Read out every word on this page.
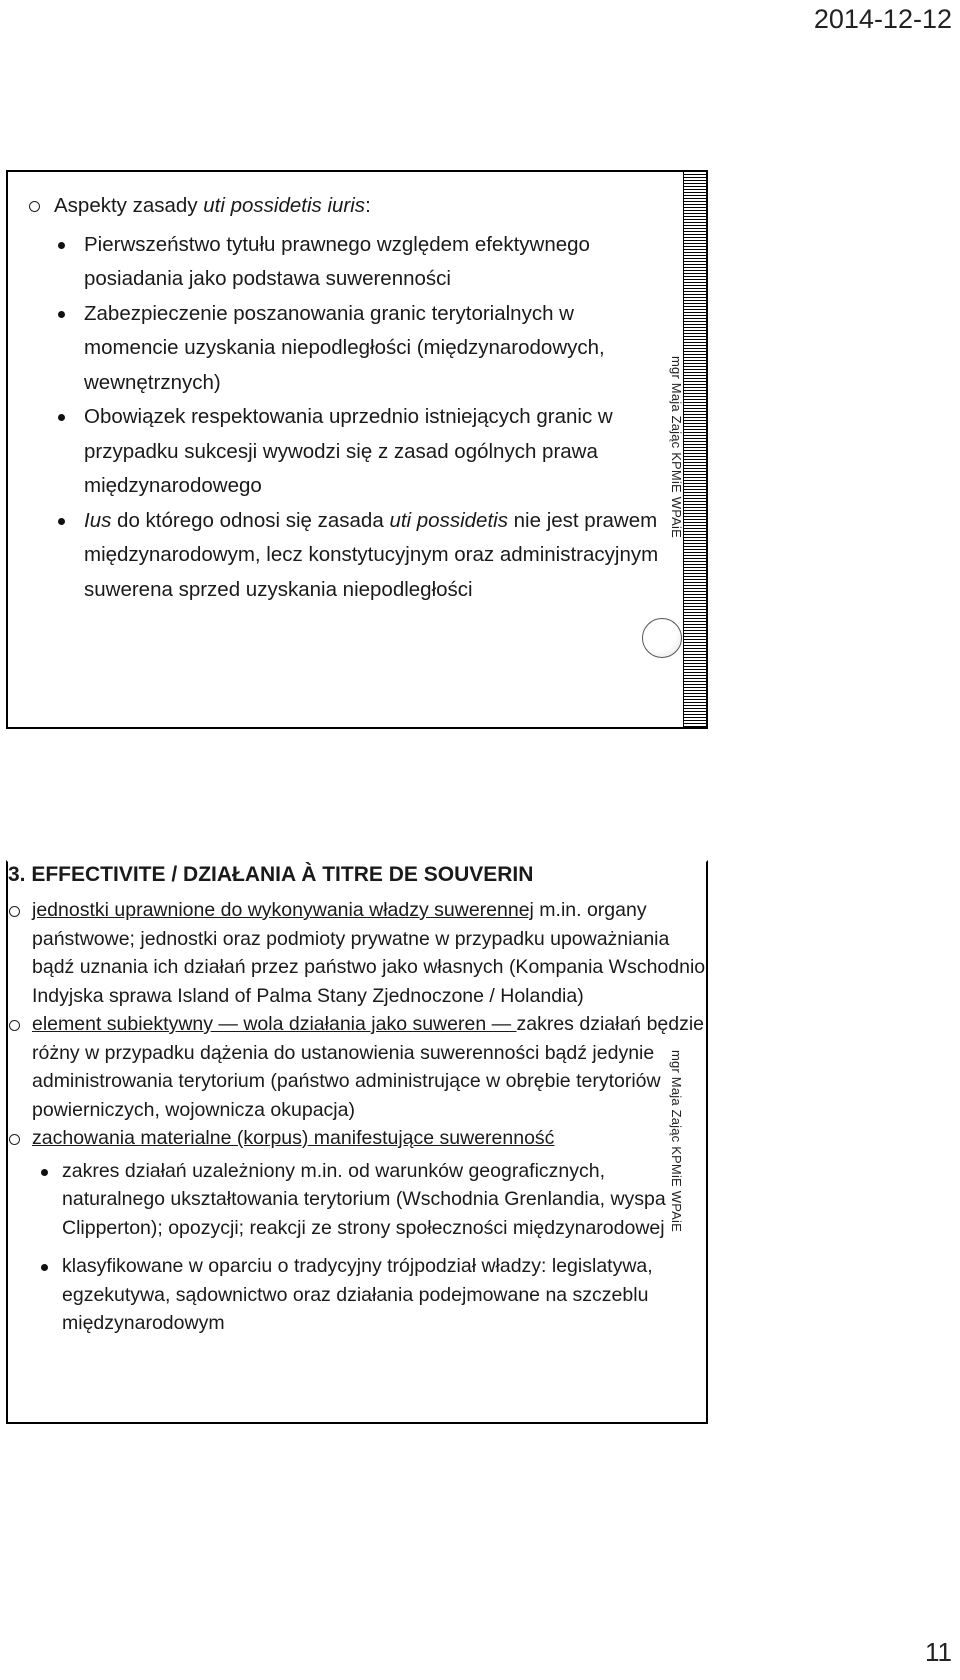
2014-12-12
mgr Maja Zając KPMiE WPAiE
Aspekty zasady uti possidetis iuris:
Pierwszeństwo tytułu prawnego względem efektywnego posiadania jako podstawa suwerenności
Zabezpieczenie poszanowania granic terytorialnych w momencie uzyskania niepodległości (międzynarodowych, wewnętrznych)
Obowiązek respektowania uprzednio istniejących granic w przypadku sukcesji wywodzi się z zasad ogólnych prawa międzynarodowego
Ius do którego odnosi się zasada uti possidetis nie jest prawem międzynarodowym, lecz konstytucyjnym oraz administracyjnym suwerena sprzed uzyskania niepodległości
mgr Maja Zając KPMiE WPAiE
3. EFFECTIVITE / DZIAŁANIA À TITRE DE SOUVERIN
jednostki uprawnione do wykonywania władzy suwerennej m.in. organy państwowe; jednostki oraz podmioty prywatne w przypadku upoważniania bądź uznania ich działań przez państwo jako własnych (Kompania Wschodnio Indyjska sprawa Island of Palma Stany Zjednoczone / Holandia)
element subiektywny — wola działania jako suweren — zakres działań będzie różny w przypadku dążenia do ustanowienia suwerenności bądź jedynie administrowania terytorium (państwo administrujące w obrębie terytoriów powierniczych, wojownicza okupacja)
zachowania materialne (korpus) manifestujące suwerenność
zakres działań uzależniony m.in. od warunków geograficznych, naturalnego ukształtowania terytorium (Wschodnia Grenlandia, wyspa Clipperton); opozycji; reakcji ze strony społeczności międzynarodowej
klasyfikowane w oparciu o tradycyjny trójpodział władzy: legislatywa, egzekutywa, sądownictwo oraz działania podejmowane na szczeblu międzynarodowym
11
